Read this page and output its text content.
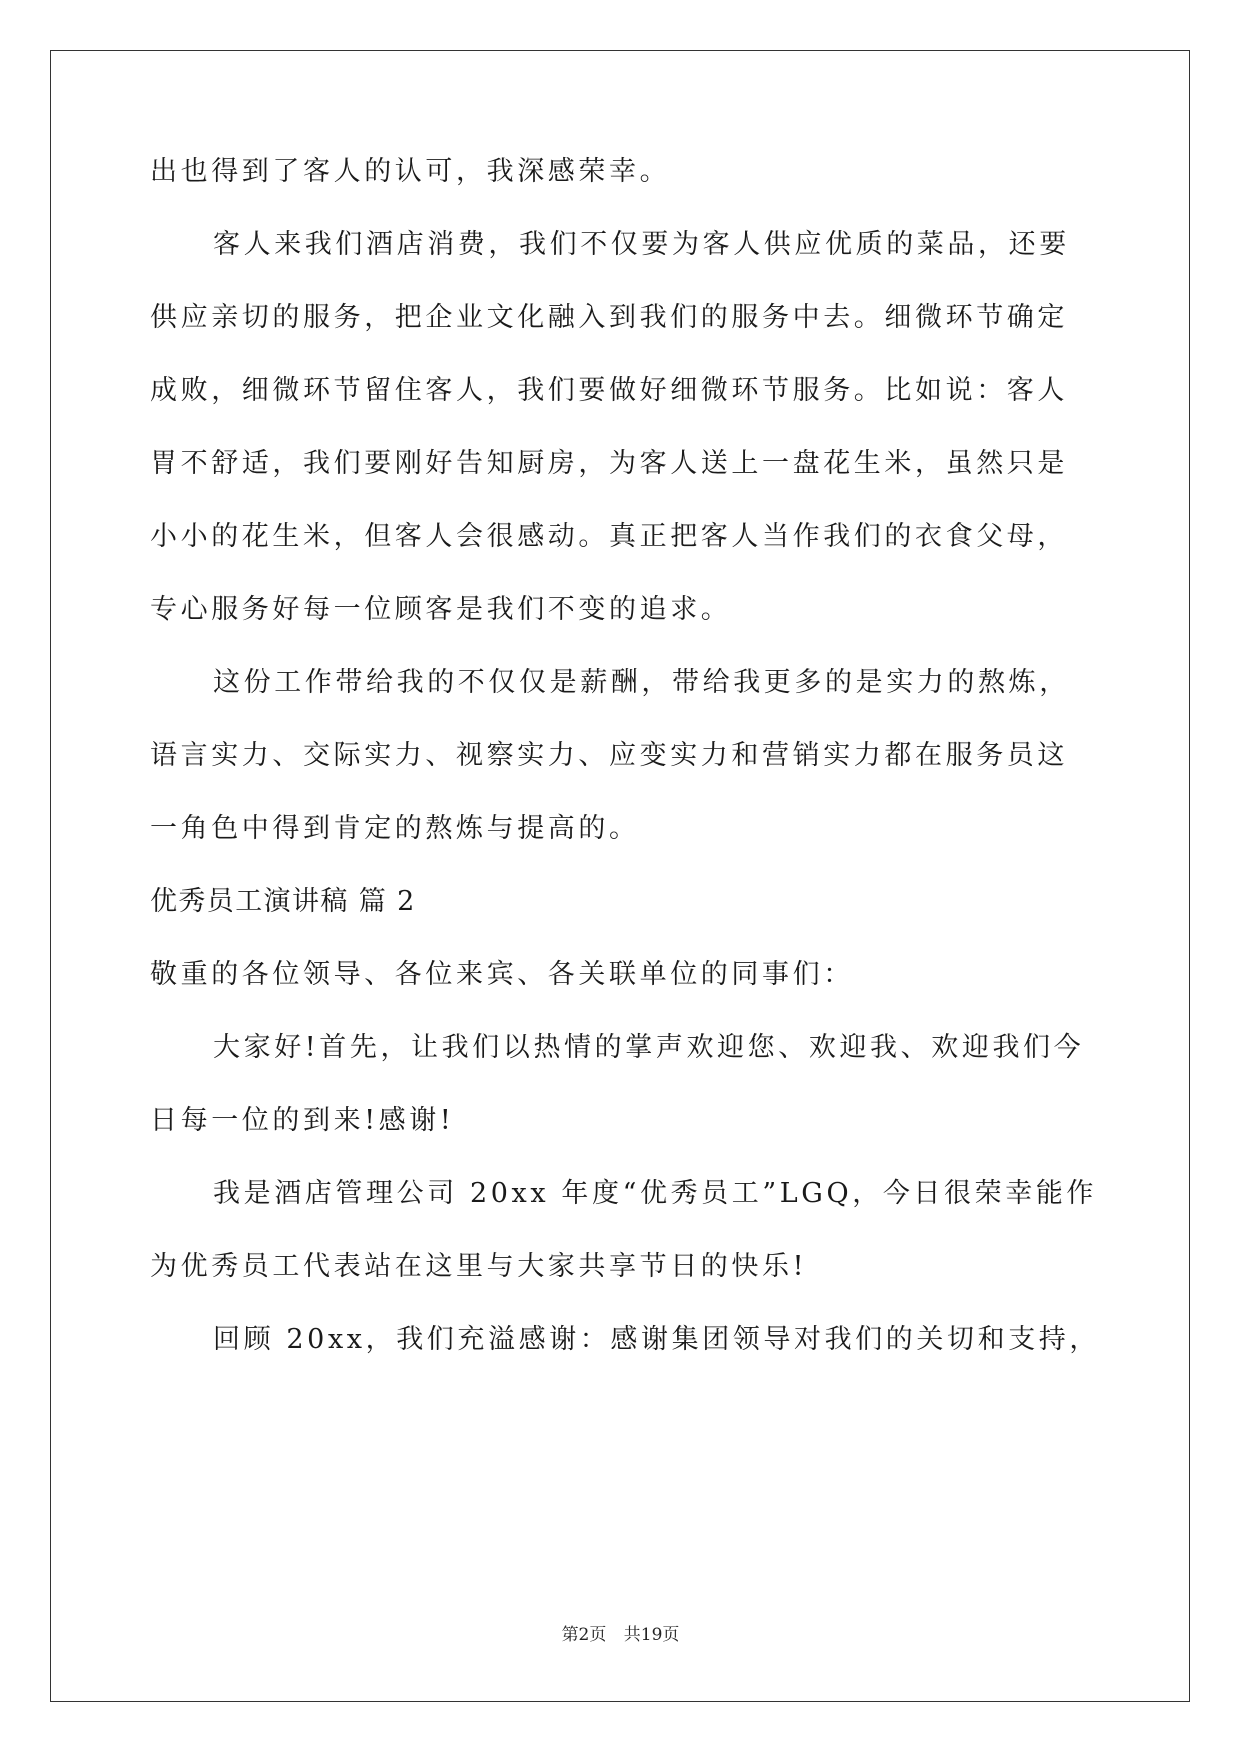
出也得到了客人的认可，我深感荣幸。
客人来我们酒店消费，我们不仅要为客人供应优质的菜品，还要
供应亲切的服务，把企业文化融入到我们的服务中去。细微环节确定
成败，细微环节留住客人，我们要做好细微环节服务。比如说：客人
胃不舒适，我们要刚好告知厨房，为客人送上一盘花生米，虽然只是
小小的花生米，但客人会很感动。真正把客人当作我们的衣食父母，
专心服务好每一位顾客是我们不变的追求。
这份工作带给我的不仅仅是薪酬，带给我更多的是实力的熬炼，
语言实力、交际实力、视察实力、应变实力和营销实力都在服务员这
一角色中得到肯定的熬炼与提高的。
优秀员工演讲稿 篇 2
敬重的各位领导、各位来宾、各关联单位的同事们：
大家好!首先，让我们以热情的掌声欢迎您、欢迎我、欢迎我们今
日每一位的到来!感谢!
我是酒店管理公司 20xx 年度“优秀员工”LGQ，今日很荣幸能作
为优秀员工代表站在这里与大家共享节日的快乐!
回顾 20xx，我们充溢感谢：感谢集团领导对我们的关切和支持，
第2页 共19页
